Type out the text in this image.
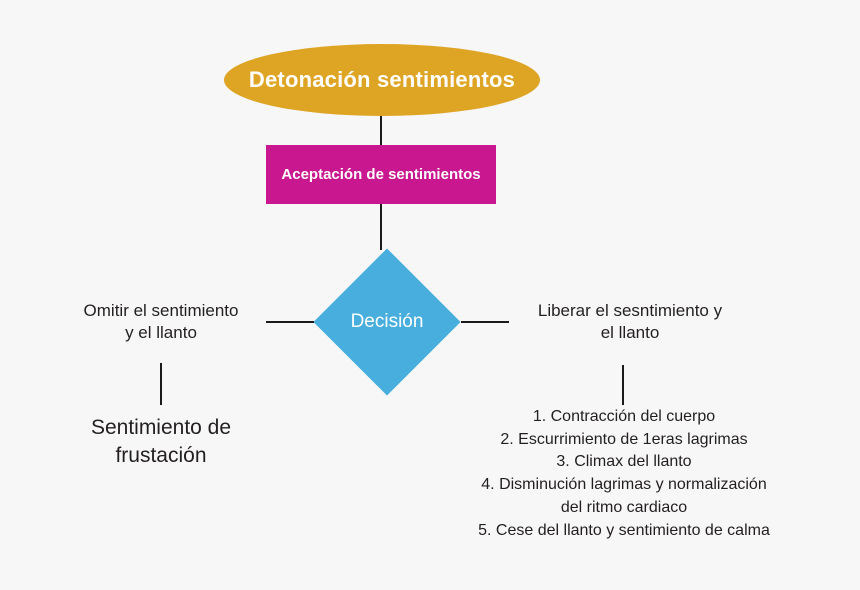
Detonación sentimientos
Aceptación de sentimientos
Decisión
Omitir el sentimiento
y el llanto
Liberar el sesntimiento y
el llanto
Sentimiento de
frustación
1. Contracción del cuerpo
2. Escurrimiento de 1eras lagrimas
3. Climax del llanto
4. Disminución lagrimas y normalización
del ritmo cardiaco
5. Cese del llanto y sentimiento de calma
